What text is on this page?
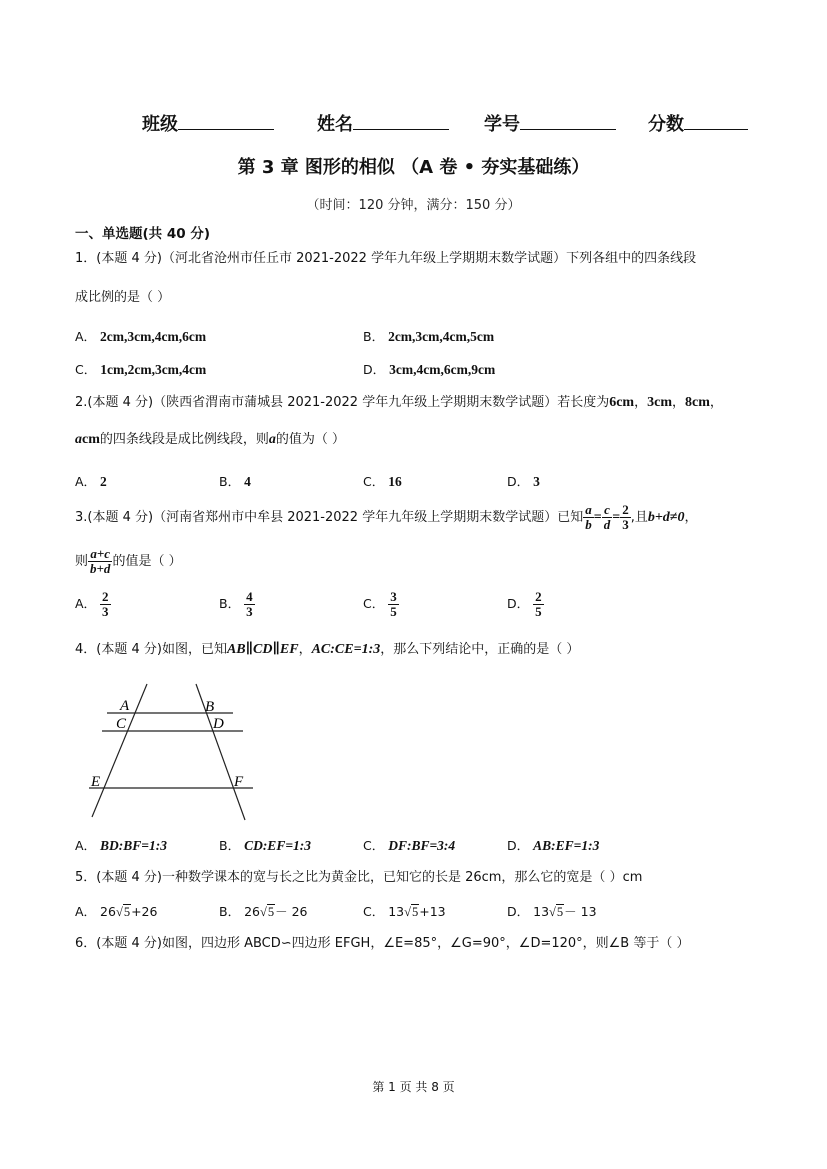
班级	姓名	学号	分数
第 3 章 图形的相似 （A 卷 • 夯实基础练）
（时间：120 分钟，满分：150 分）
一、单选题(共 40 分)
1．(本题 4 分)（河北省沧州市任丘市 2021-2022 学年九年级上学期期末数学试题）下列各组中的四条线段
成比例的是（ ）
A． 2cm,3cm,4cm,6cm	B． 2cm,3cm,4cm,5cm
C． 1cm,2cm,3cm,4cm	D． 3cm,4cm,6cm,9cm
2.(本题 4 分)（陕西省渭南市蒲城县 2021-2022 学年九年级上学期期末数学试题）若长度为6cm，3cm，8cm，
acm的四条线段是成比例线段，则a的值为（ ）
A． 2	B． 4	C． 16	D． 3
3.(本题 4 分)（河南省郑州市中牟县 2021-2022 学年九年级上学期期末数学试题）已知 $\frac{a}{b} = \frac{c}{d} = \frac{2}{3}$ ,且b+d≠0，
则 $\frac{a+c}{b+d}$ 的值是（ ）
A． $\frac{2}{3}$	B． $\frac{4}{3}$	C． $\frac{3}{5}$	D． $\frac{2}{5}$
4．(本题 4 分)如图，已知AB∥CD∥EF，AC:CE=1:3，那么下列结论中，正确的是（ ）
A
C
B
D
E	F
A． BD:BF=1:3	B． CD:EF=1:3	C． DF:BF=3:4	D． AB:EF=1:3
5．(本题 4 分)一种数学课本的宽与长之比为黄金比，已知它的长是 26cm，那么它的宽是（ ）cm
A． 26√5+26	B． 26√5－ 26	C． 13√5+13	D． 13√5－ 13
6．(本题 4 分)如图，四边形 ABCD∽四边形 EFGH，∠E=85°，∠G=90°，∠D=120°，则∠B 等于（ ）
第 1 页 共 8 页
